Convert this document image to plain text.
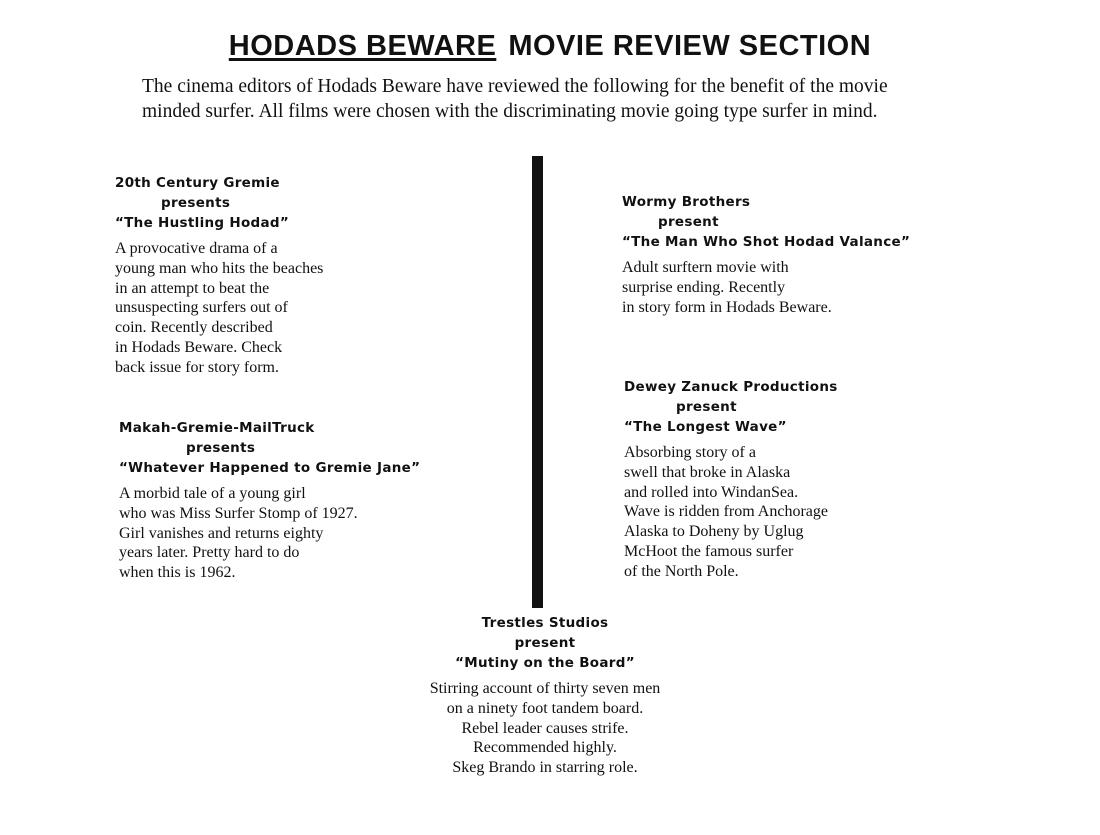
HODADS BEWARE MOVIE REVIEW SECTION
The cinema editors of Hodads Beware have reviewed the following for the benefit of the movie
minded surfer. All films were chosen with the discriminating movie going type surfer in mind.
20th Century Gremie
presents
“The Hustling Hodad”
A provocative drama of a
young man who hits the beaches
in an attempt to beat the
unsuspecting surfers out of
coin. Recently described
in Hodads Beware. Check
back issue for story form.
Makah-Gremie-MailTruck
presents
“Whatever Happened to Gremie Jane”
A morbid tale of a young girl
who was Miss Surfer Stomp of 1927.
Girl vanishes and returns eighty
years later. Pretty hard to do
when this is 1962.
Wormy Brothers
present
“The Man Who Shot Hodad Valance”
Adult surftern movie with
surprise ending. Recently
in story form in Hodads Beware.
Dewey Zanuck Productions
present
“The Longest Wave”
Absorbing story of a
swell that broke in Alaska
and rolled into WindanSea.
Wave is ridden from Anchorage
Alaska to Doheny by Uglug
McHoot the famous surfer
of the North Pole.
Trestles Studios
present
“Mutiny on the Board”
Stirring account of thirty seven men
on a ninety foot tandem board.
Rebel leader causes strife.
Recommended highly.
Skeg Brando in starring role.
